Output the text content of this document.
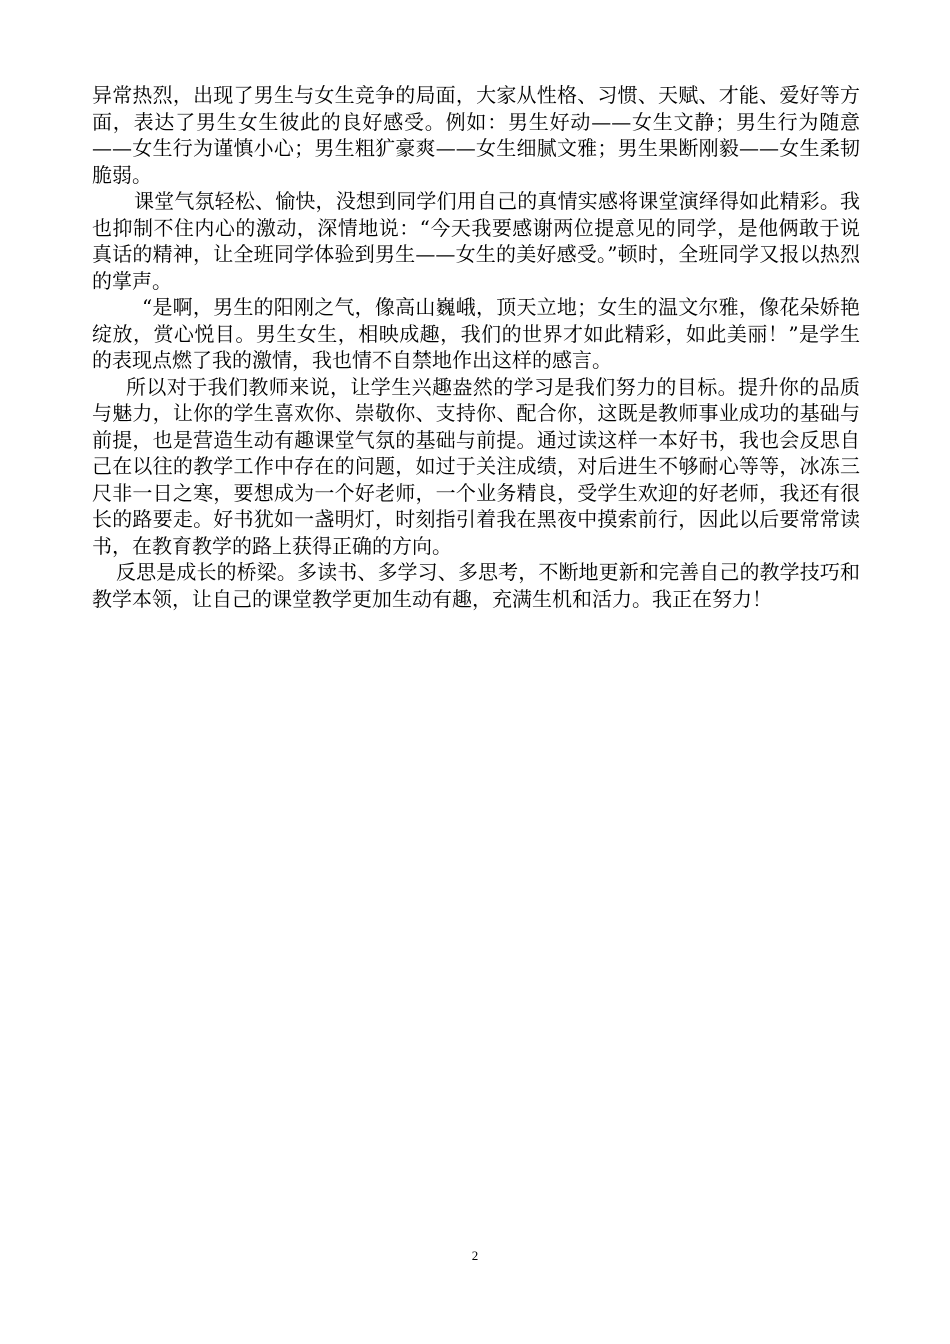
异常热烈，出现了男生与女生竞争的局面，大家从性格、习惯、天赋、才能、爱好等方面，表达了男生女生彼此的良好感受。例如：男生好动——女生文静；男生行为随意——女生行为谨慎小心；男生粗犷豪爽——女生细腻文雅；男生果断刚毅——女生柔韧脆弱。

课堂气氛轻松、愉快，没想到同学们用自己的真情实感将课堂演绎得如此精彩。我也抑制不住内心的激动，深情地说：“今天我要感谢两位提意见的同学，是他俩敢于说真话的精神，让全班同学体验到男生——女生的美好感受。”顿时，全班同学又报以热烈的掌声。

“是啊，男生的阳刚之气，像高山巍峨，顶天立地；女生的温文尔雅，像花朵娇艳绽放，赏心悦目。男生女生，相映成趣，我们的世界才如此精彩，如此美丽！”是学生的表现点燃了我的激情，我也情不自禁地作出这样的感言。

所以对于我们教师来说，让学生兴趣盎然的学习是我们努力的目标。提升你的品质与魅力，让你的学生喜欢你、崇敬你、支持你、配合你，这既是教师事业成功的基础与前提，也是营造生动有趣课堂气氛的基础与前提。通过读这样一本好书，我也会反思自己在以往的教学工作中存在的问题，如过于关注成绩，对后进生不够耐心等等，冰冻三尺非一日之寒，要想成为一个好老师，一个业务精良，受学生欢迎的好老师，我还有很长的路要走。好书犹如一盏明灯，时刻指引着我在黑夜中摸索前行，因此以后要常常读书，在教育教学的路上获得正确的方向。

反思是成长的桥梁。多读书、多学习、多思考，不断地更新和完善自己的教学技巧和教学本领，让自己的课堂教学更加生动有趣，充满生机和活力。我正在努力！

2
